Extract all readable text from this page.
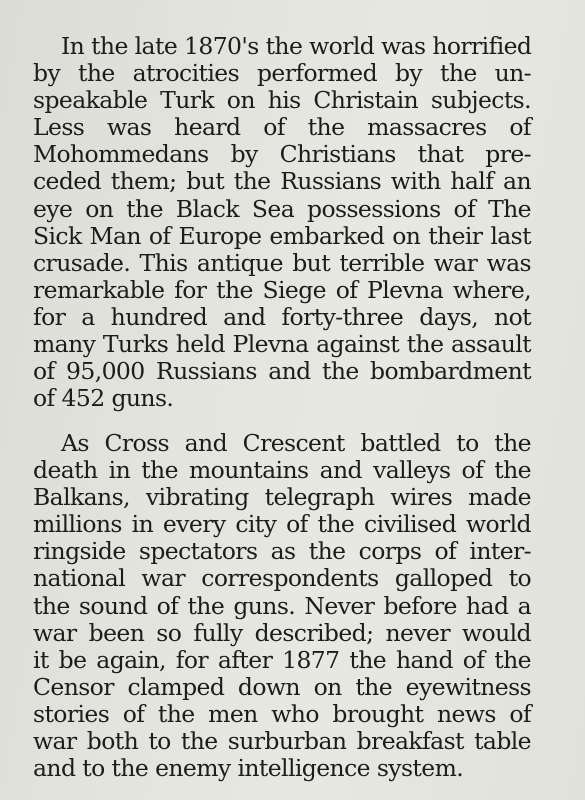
In the late 1870's the world was horrified
by the atrocities performed by the un-
speakable Turk on his Christain subjects.
Less was heard of the massacres of
Mohommedans by Christians that pre-
ceded them; but the Russians with half an
eye on the Black Sea possessions of The
Sick Man of Europe embarked on their last
crusade. This antique but terrible war was
remarkable for the Siege of Plevna where,
for a hundred and forty-three days, not
many Turks held Plevna against the assault
of 95,000 Russians and the bombardment
of 452 guns.

As Cross and Crescent battled to the
death in the mountains and valleys of the
Balkans, vibrating telegraph wires made
millions in every city of the civilised world
ringside spectators as the corps of inter-
national war correspondents galloped to
the sound of the guns. Never before had a
war been so fully described; never would
it be again, for after 1877 the hand of the
Censor clamped down on the eyewitness
stories of the men who brought news of
war both to the surburban breakfast table
and to the enemy intelligence system.
